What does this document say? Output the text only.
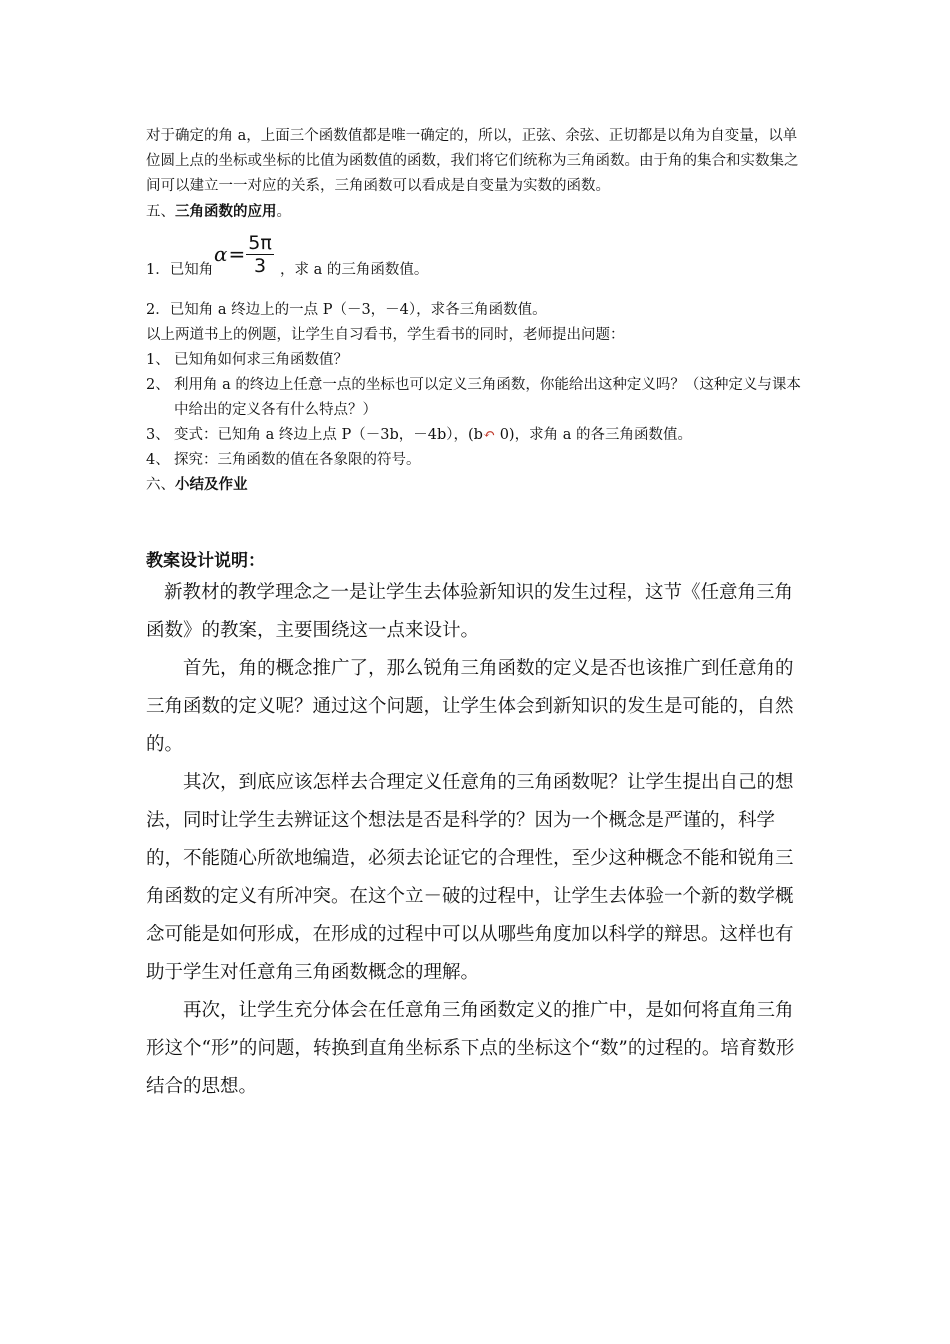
对于确定的角 a，上面三个函数值都是唯一确定的，所以，正弦、余弦、正切都是以角为自变量，以单位圆上点的坐标或坐标的比值为函数值的函数，我们将它们统称为三角函数。由于角的集合和实数集之间可以建立一一对应的关系，三角函数可以看成是自变量为实数的函数。

五、三角函数的应用。
1．已知角
$\alpha = \frac{5\pi}{3}$ ，求 a 的三角函数值。

2．已知角 a 终边上的一点 P（－3，－4），求各三角函数值。

以上两道书上的例题，让学生自习看书，学生看书的同时，老师提出问题：

1、 已知角如何求三角函数值？
2、 利用角 a 的终边上任意一点的坐标也可以定义三角函数，你能给出这种定义吗？（这种定义与课本中给出的定义各有什么特点？）
3、 变式：已知角 a 终边上点 P（－3b，－4b），(b↶ 0)，求角 a 的各三角函数值。
4、 探究：三角函数的值在各象限的符号。
六、小结及作业

教案设计说明：

新教材的教学理念之一是让学生去体验新知识的发生过程，这节《任意角三角函数》的教案，主要围绕这一点来设计。

首先，角的概念推广了，那么锐角三角函数的定义是否也该推广到任意角的三角函数的定义呢？通过这个问题，让学生体会到新知识的发生是可能的，自然的。

其次，到底应该怎样去合理定义任意角的三角函数呢？让学生提出自己的想法，同时让学生去辨证这个想法是否是科学的？因为一个概念是严谨的，科学的，不能随心所欲地编造，必须去论证它的合理性，至少这种概念不能和锐角三角函数的定义有所冲突。在这个立－破的过程中，让学生去体验一个新的数学概念可能是如何形成，在形成的过程中可以从哪些角度加以科学的辩思。这样也有助于学生对任意角三角函数概念的理解。

再次，让学生充分体会在任意角三角函数定义的推广中，是如何将直角三角形这个“形”的问题，转换到直角坐标系下点的坐标这个“数”的过程的。培育数形结合的思想。
